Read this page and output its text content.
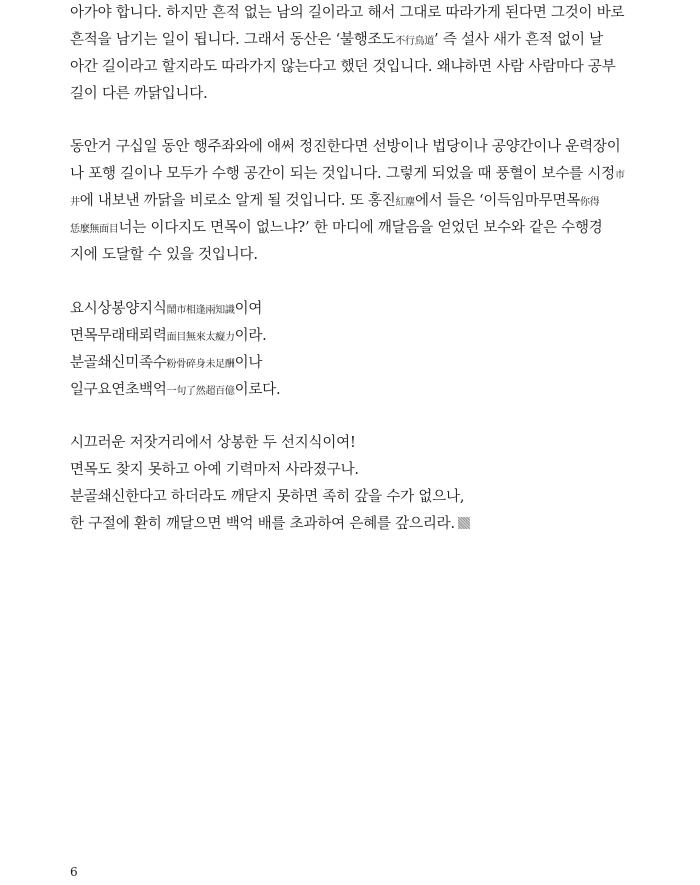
아가야 합니다. 하지만 흔적 없는 남의 길이라고 해서 그대로 따라가게 된다면 그것이 바로
흔적을 남기는 일이 됩니다. 그래서 동산은 ‘불행조도不行鳥道’ 즉 설사 새가 흔적 없이 날
아간 길이라고 할지라도 따라가지 않는다고 했던 것입니다. 왜냐하면 사람 사람마다 공부
길이 다른 까닭입니다.
동안거 구십일 동안 행주좌와에 애써 정진한다면 선방이나 법당이나 공양간이나 운력장이
나 포행 길이나 모두가 수행 공간이 되는 것입니다. 그렇게 되었을 때 풍혈이 보수를 시정市
井에 내보낸 까닭을 비로소 알게 될 것입니다. 또 홍진紅塵에서 들은 ‘이득임마무면목你得
恁麼無面目너는 이다지도 면목이 없느냐?’ 한 마디에 깨달음을 얻었던 보수와 같은 수행경
지에 도달할 수 있을 것입니다.
요시상봉양지식鬧市相逢兩知識이여
면목무래태뢰력面目無來太癡力이라.
분골쇄신미족수粉骨碎身未足酬이나
일구요연초백억一句了然超百億이로다.
시끄러운 저잣거리에서 상봉한 두 선지식이여!
면목도 찾지 못하고 아예 기력마저 사라졌구나.
분골쇄신한다고 하더라도 깨닫지 못하면 족히 갚을 수가 없으나,
한 구절에 환히 깨달으면 백억 배를 초과하여 은혜를 갚으리라.
6
